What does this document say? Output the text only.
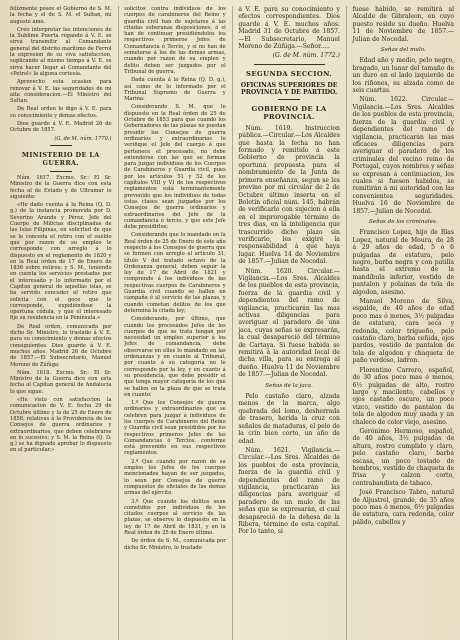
felizmente posee el Gobierno de S. M. la fecha y el de S. M. el Sultan, mi augusto amo.

Creo interpretar las intenciones de la Sublime Puerta rogando á V. E. se sirva transmitir al Comandante general del distrito marítimo de Ferrol la expresion de su viva satisfaccion, suplicando al mismo tiempo á V. E. se sirva hacer llegar al Comandante del «Petrel» la alguna cortesía.

Aprovecho esta ocasion para renovar á V. E. las seguridades de mi alta consideracion.—El Ministro del Sultan.

De Real orden lo digo á V. E. para su conocimiento y demas efectos.

Dios guarde á V. E. Madrid 26 de Octubre de 1857.

(G. de M. núm. 1770.)

MINISTERIO DE LA GUERRA.

Núm. 1617. Excmo. Sr.: El Sr. Ministro de la Guerra dice con esta fecha al de Estado y de Ultramar lo siguiente:

«He dado cuenta á la Reina (Q. D. g.) de la instancia promovida por D. Severino Aranda y Pérez, Jefe del Cuerpo de Milicias disciplinadas de las Islas Filipinas, en solicitud de que se le conceda el retiro con el sueldo que por razon de su empleo le corresponde con arreglo á lo dispuesto en el reglamento de 1820 y en la Real orden de 17 de Enero de 1836 sobre retiros; y S. M., teniendo en cuenta los servicios prestados por el interesado y lo informado por el Capitan general de aquellas islas, se ha servido conceder el retiro que solicita con el goce que le corresponde, expidiéndose la oportuna cédula, y que el interesado fije su residencia en la Península.»

De Real orden, comunicada por dicho Sr. Ministro, lo traslado á V. E. para su conocimiento y demas efectos consiguientes. Dios guarde á V. E. muchos años. Madrid 26 de Octubre de 1857.—El Subsecretario, Manuel Moreno de Zúñiga.

Núm. 1618. Excmo. Sr.: El Sr. Ministro de la Guerra dice con esta fecha al Capitan general de Andalucía lo que sigue:

«He visto con satisfaccion la comunicacion de V. E. fecha 29 de Octubre último y la de 25 de Enero de 1858, relativas á la Providencia de los Consejos de guerra ordinarios y extraordinarios, que deben celebrarse en lo sucesivo; y S. M. la Reina (Q. D. g.) se ha dignado aprobar lo dispuesto en el particular.»

solicitos contra individuos de los cuerpos de carabineros del Reino y guardia civil han de sujetarse á las citadas soberanas disposiciones, ó si han de continuar presidiéndolos los respectivos primeros Jefes de Comandancia ó Tercio, y si no han de someterse á los de las demas armas, cuando por razon de su empleo y delito deben ser juzgados por el Tribunal de guerra.

Dada cuenta á la Reina (Q. D. g.), así como de lo informado por el Tribunal Supremo de Guerra y Marina:

Considerando S. M. que lo dispuesto en la Real órden de 25 de Octubre de 1853 para que cuando los Gobernadores de las plazas no puedan presidir los Consejos de guerra ordinarios y extraordinarios lo verifique el Jefe del cuerpo á que pertenece el procesado, no debe entenderse con las que se forman para juzgar individuos de los Cuerpos de Carabineros y Guardia civil, pues por los artículos 51 y 52 de los capítulos VIII y VI de los respectivos reglamentos está terminantemente prevenido que los individuos de todas estas clases sean juzgados por los Consejos de guerra ordinarios y extraordinarios del Jefe de la comandancia ó tercio, y que este Jefe debe presidirlos;

Considerando que lo mandado en la Real órden de 25 de Enero de este año respecto á los Consejos de guerra que se formen con arreglo al artículo 31, título V del tratado octavo de la Ordenanza general, deben seguir la ley de 17 de Abril de 1821 y comprende á los individuos de las respectivas cuerpos de Carabineros y Guardia civil cuando se hallen en campaña ó al servicio de las plazas, y cuando cometan delitos de los que determina la citada ley;

Considerando, por último, que cuando los procesados Jefes de los cuerpos de que se trata tengan por necesidad un empleo superior á los Jefes de comandancia, debe observarse en ellos lo mandado en las ordenanzas y en cuanto al Tribunal, por cuanto á su categoría no le corresponde por la ley, y en cuanto á su presidencia, que debe presidir el que tenga mayor categoría de los que se hallen en la plaza de que se trata en cuanto:

1.º Que los Consejos de guerra ordinarios y extraordinarios que se celebren para juzgar á individuos de los cuerpos de Carabineros del Reino y Guardia civil sean presididos por los respectivos primeros Jefes de las Comandancias ó Tercios, conforme está prevenido en sus respectivos reglamentos.

2.º Que cuando por razon de su empleo los Jefes de los cuerpos mencionados hayan de ser juzgados, lo sean por Consejos de guerra compuestos de oficiales de las demas armas del ejército.

3.º Que cuando los delitos sean cometidos por individuos de los citados cuerpos al servicio de las plazas, se observe lo dispuesto en la ley de 17 de Abril de 1821, y en la Real órden de 25 de Enero último.

De órden de S. M., comunicada por dicho Sr. Ministro, lo traslado

á V. E. para su conocimiento y efectos correspondientes. Dios guarde á V. E. muchos años. Madrid 31 de Octubre de 1857.—El Subsecretario, Manuel Moreno de Zúñiga.—Señor.....

(G. de M. núm. 1772.)

SEGUNDA SECCION.
OFICINAS SUPERIORES DE PROVINCIA Y DE PARTIDO.
GOBIERNO DE LA PROVINCIA.

Núm. 1619. Instruccion pública.—Circular.—Los Alcaldes que hasta la fecha no han formado y remitido á este Gobierno de provincia la oportuna propuesta para el nombramiento de la Junta de primera enseñanza, segun se les previno por mi circular de 2 de Octubre último inserta en el Boletin oficial núm. 145, habrán de verificarlo con sujecion á ella en el improrogable término de tres dias, en la inteligencia que trascurrido dicho plazo sin verificarlo, les exigiré la responsabilidad á que haya lugar. Huelva 14 de Noviembre de 1857.—Julian de Nocedal.

Núm. 1620. Circular.—Vigilancia.—Los Sres. Alcaldes de los pueblos de esta provincia, fuerza de la guardia civil y dependientes del ramo de vigilancia, practicarán las mas activas diligencias para averiguar el paradero de una jaca, cuyas señas se expresarán, la cual desapareció del término de Cartaya. Si fuese habida se remitirá á la autoridad local de dicha villa, para su entrega al dueño. Huelva 11 de Noviembre de 1857.—Julian de Nocedal.

Señas de la jaca.

Pelo castaño claro, alzada menos de la marca, algo quebrada del lomo, desherrada de trasero, herida la cruz con señales de mataduras, el pelo de la crin bien corto, un año de edad.

Núm. 1621. Vigilancia.—Circular.—Los Sres. Alcaldes de los pueblos de esta provincia, fuerza de la guardia civil y dependientes del ramo de vigilancia, practicarán las diligencias para averiguar el paradero de un mulo de las señas que se expresarán, el cual desapareció de la dehesa de la Ribera, término de esta capital. Por lo tanto, si

fuese habido, se remitirá al Alcalde de Gibraleon, en cuyo puesto reside su dueño. Huelva 11 de Noviembre de 1857.—Julian de Nocedal.

Señas del mulo.

Edad año y medio, pelo negro, bragado, un lunar del tamaño de un duro en el lado izquierdo de los riñones, su alzada como de seis cuartas.

Núm. 1622. Circular.—Vigilancia.—Los Sres. Alcaldes de los pueblos de esta provincia, fuerza de la guardia civil y dependientes del ramo de vigilancia, practicarán las mas eficaces diligencias para averiguar el paradero de los criminales del vecino reino de Portugal, cuyos nombres y señas se expresan á continuacion, los cuales si fuesen habidos, se remitirán á mi autoridad con las convenientes seguridades. Huelva 16 de Noviembre de 1857.—Julian de Nocedal.

Señas de los criminales.

Francisco Lopez, hijo de Blas Lopez, natural de Moura, de 28 á 29 años de edad, 5 ó 6 pulgadas de estatura, pelo negro, barba negra y con patilla hasta el extremo de la mandíbula inferior, vestido de pantalon y polainas de tela de algodon, asesino.

Manuel Moreno de Silva, espalde, de 40 años de edad poco mas ó menos, 3½ pulgadas de estatura, cara seca y redonda, color trigueño, pelo castaño claro, barba ceñida, ojos pardos, vestido de pantalon de tela de algodon y chaqueta de paño verdoso, ladron.

Florentino Carrero, español, de 30 años poco mas ó menos, 6½ pulgadas de alto, rostro largo y macilento, cabellos y ojos castaño oscuro, un poco vizco, vestido de pantalon de tela de algodon muy usada y un chaleco de color viejo, asesino.

Gerónimo Hermoso, español, de 40 años, 3½ pulgadas de altura, rostro cumplido y claro, pelo castaño claro, barba escasa, un poco tostado de hombros, vestido de chaqueta de frisa y calzon corto, contrabandista de tabaco.

José Francisco Tabro, natural de Aljustrel, grande, de 35 años poco mas ó menos, 6½ pulgadas de estatura, cara redonda, color pálido, cabellos y
